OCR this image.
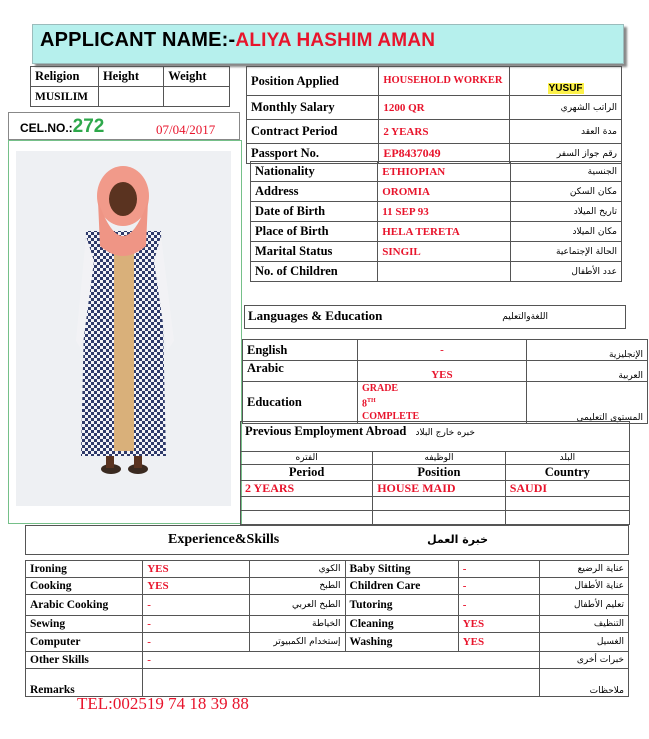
APPLICANT NAME:-ALIYA HASHIM AMAN
Religion	Height	Weight
MUSILIM		
CEL.NO.:272	07/04/2017
Position Applied	HOUSEHOLD WORKER	YUSUF
Monthly Salary	1200 QR	الراتب الشهري
Contract Period	2 YEARS	مدة العقد
Passport No.	EP8437049	رقم جواز السفر
Nationality	ETHIOPIAN	الجنسية
Address	OROMIA	مكان السكن
Date of Birth	11 SEP 93	تاريخ الميلاد
Place of Birth	HELA TERETA	مكان الميلاد
Marital Status	SINGIL	الحالة الإجتماعية
No. of Children		عدد الأطفال
Languages & Education	اللغةوالتعليم
English	-	الإنجليزية
Arabic	YES	العربية
Education	GRADE
8TH
COMPLETE	المستوى التعليمي
Previous Employment Abroad خبره خارج البلاد
الفتره	الوظيفه	البلد
Period	Position	Country
2 YEARS	HOUSE MAID	SAUDI

Experience&Skills	خبرة العمل
Ironing	YES	الكوي	Baby Sitting	-	عناية الرضيع
Cooking	YES	الطبخ	Children Care	-	عناية الأطفال
Arabic Cooking	-	الطبخ العربي	Tutoring	-	تعليم الأطفال
Sewing	-	الخياطة	Cleaning	YES	التنظيف
Computer	-	إستخدام الكمبيوتر	Washing	YES	الغسيل
Other Skills	-				خبرات أخرى
Remarks					ملاحظات
TEL:002519 74 18 39 88
